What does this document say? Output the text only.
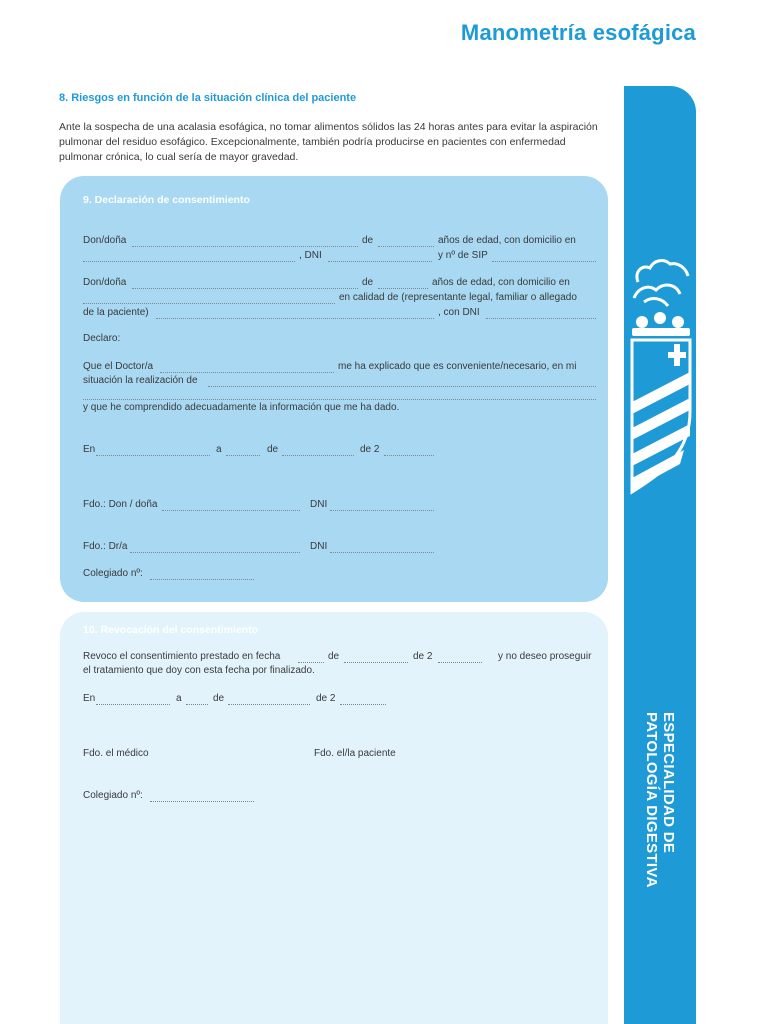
Manometría esofágica
ESPECIALIDAD DE
PATOLOGÍA DIGESTIVA
8. Riesgos en función de la situación clínica del paciente
Ante la sospecha de una acalasia esofágica, no tomar alimentos sólidos las 24 horas antes para evitar la aspiración pulmonar del residuo esofágico. Excepcionalmente, también podría producirse en pacientes con enfermedad pulmonar crónica, lo cual sería de mayor gravedad.
9. Declaración de consentimiento
Don/doña	de	años de edad, con domicilio en
, DNI	y nº de SIP
Don/doña	de	años de edad, con domicilio en
en calidad de (representante legal, familiar o allegado
de la paciente)	, con DNI
Declaro:
Que el Doctor/a	me ha explicado que es conveniente/necesario, en mi
situación la realización de
y que he comprendido adecuadamente la información que me ha dado.
En	a	de	de 2
Fdo.: Don / doña	DNI
Fdo.: Dr/a	DNI
Colegiado nº:
10. Revocación del consentimiento
Revoco el consentimiento prestado en fecha	de	de 2	y no deseo proseguir
el tratamiento que doy con esta fecha por finalizado.
En	a	de	de 2
Fdo. el médico	Fdo. el/la paciente
Colegiado nº:
